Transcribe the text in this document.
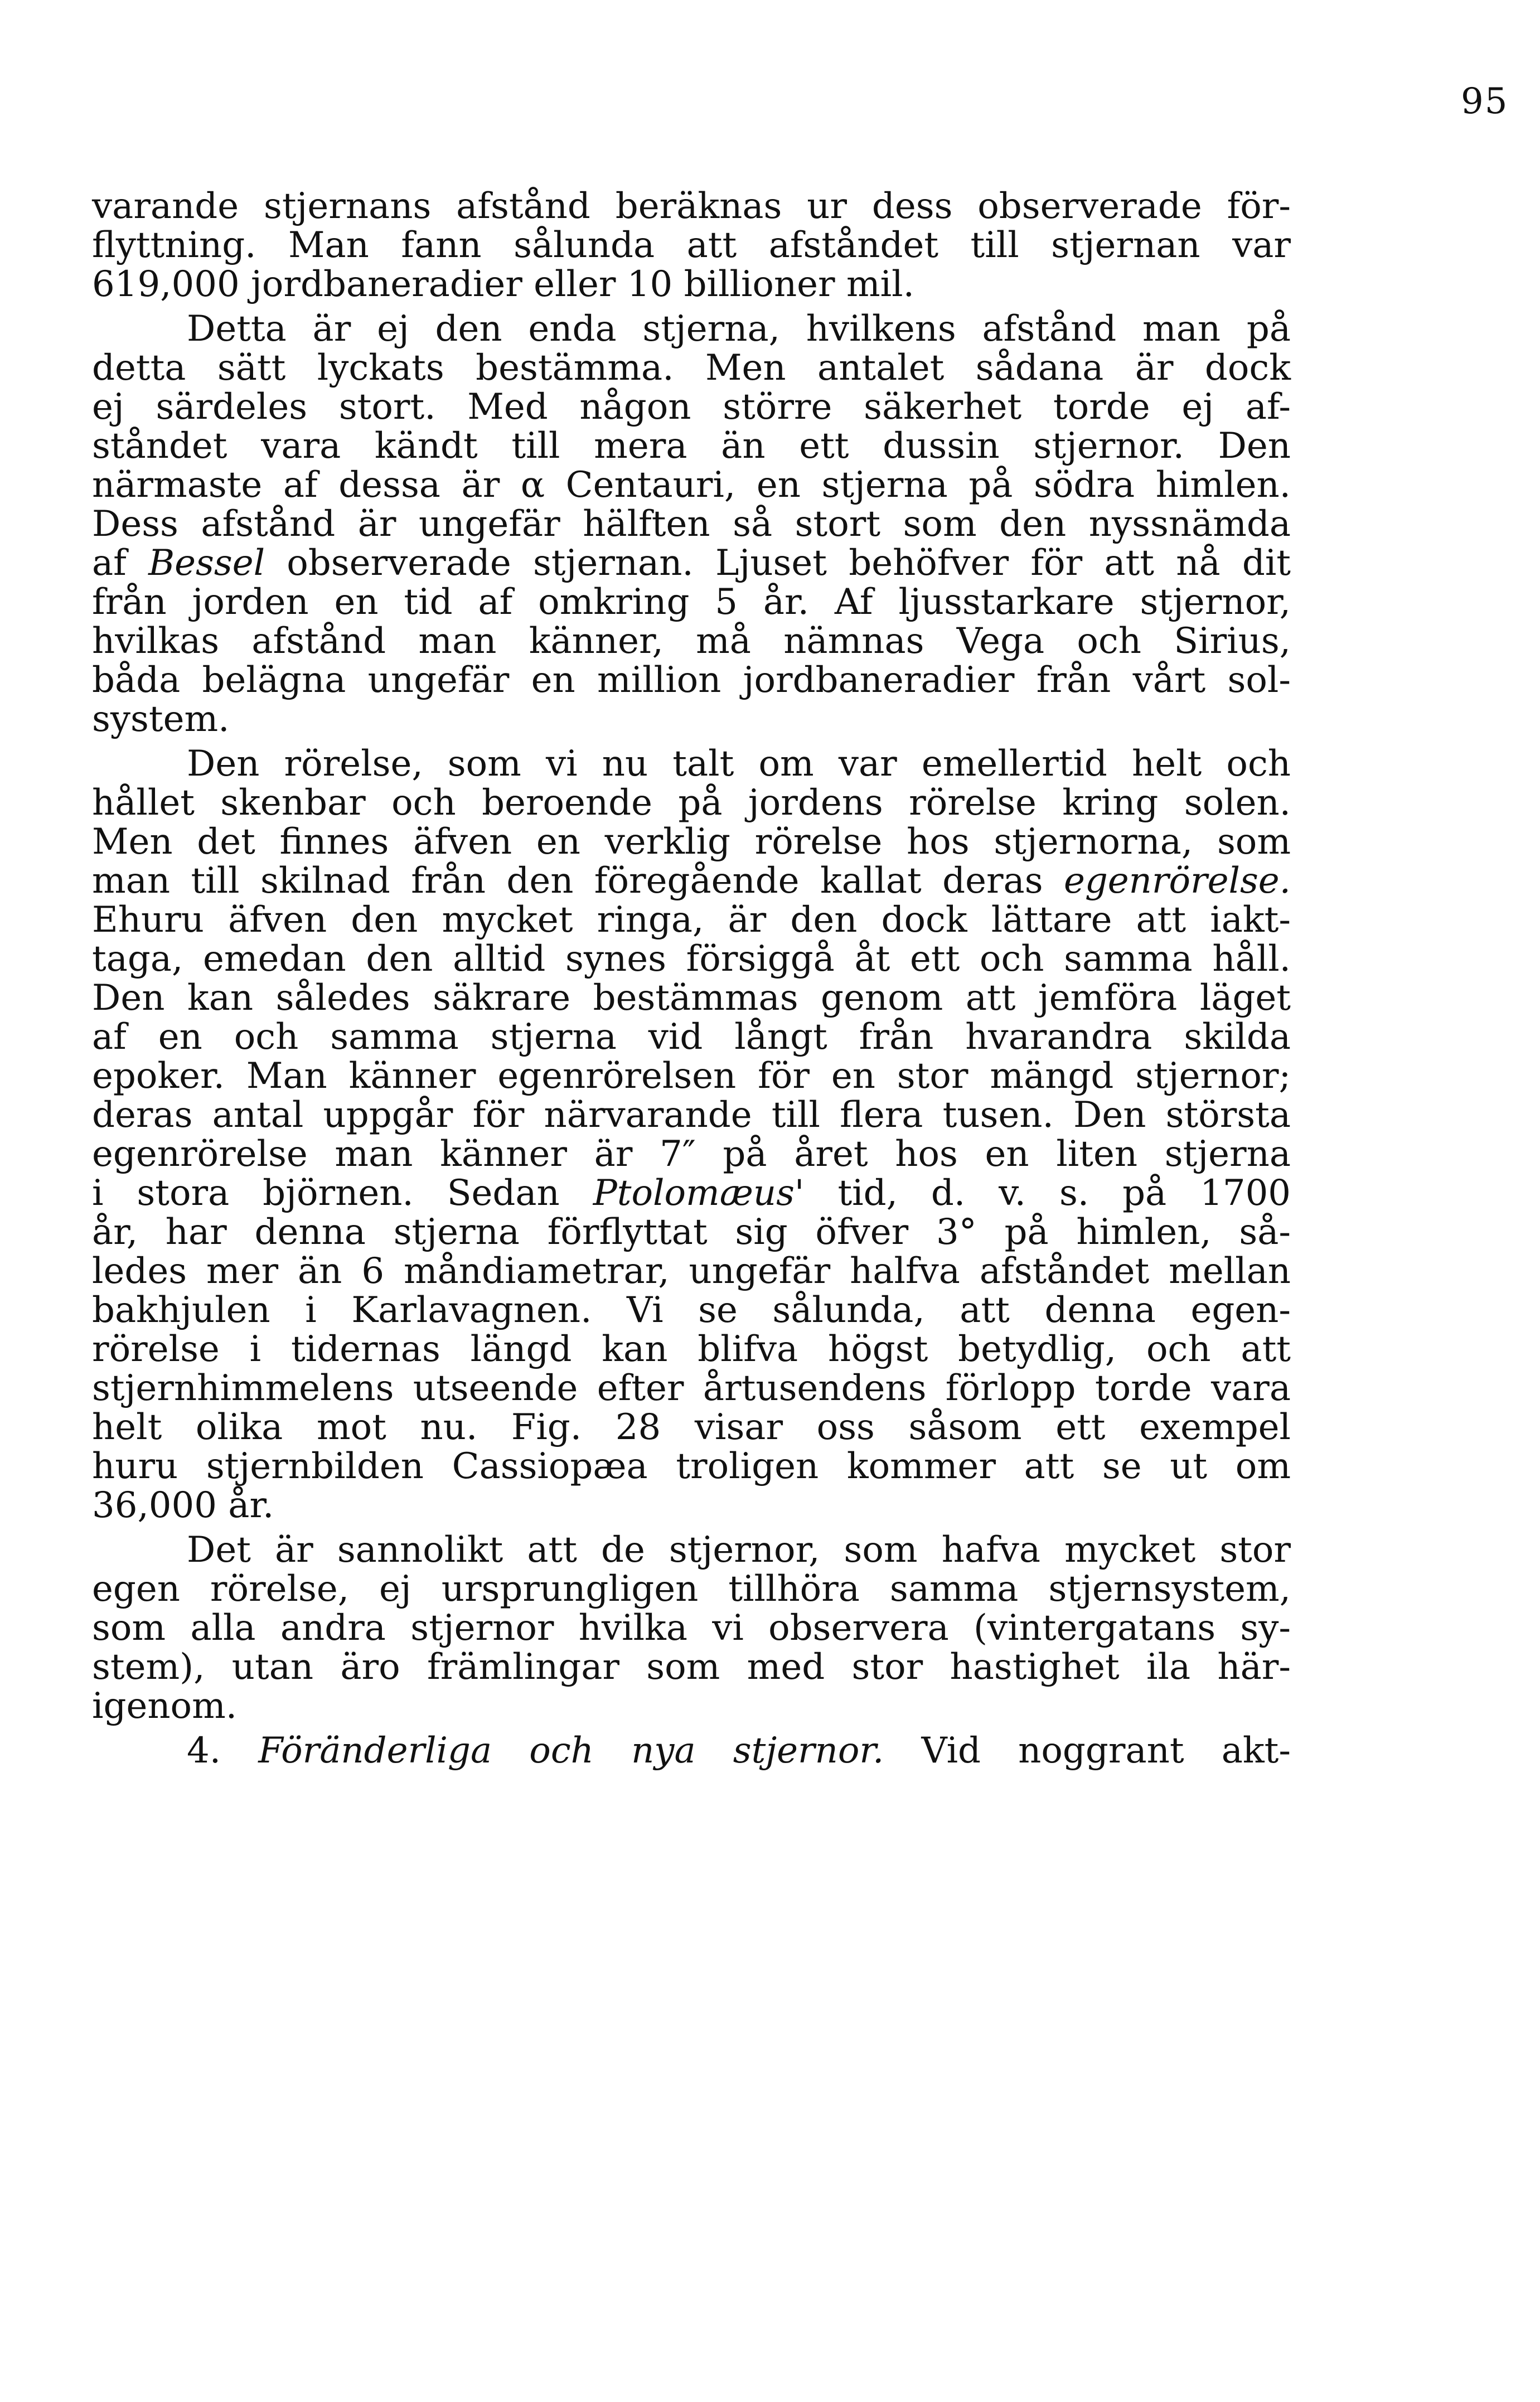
95
varande stjernans afstånd beräknas ur dess observerade för-
flyttning. Man fann sålunda att afståndet till stjernan var
619,000 jordbaneradier eller 10 billioner mil.
Detta är ej den enda stjerna, hvilkens afstånd man på
detta sätt lyckats bestämma. Men antalet sådana är dock
ej särdeles stort. Med någon större säkerhet torde ej af-
ståndet vara kändt till mera än ett dussin stjernor. Den
närmaste af dessa är α Centauri, en stjerna på södra himlen.
Dess afstånd är ungefär hälften så stort som den nyssnämda
af Bessel observerade stjernan. Ljuset behöfver för att nå dit
från jorden en tid af omkring 5 år. Af ljusstarkare stjernor,
hvilkas afstånd man känner, må nämnas Vega och Sirius,
båda belägna ungefär en million jordbaneradier från vårt sol-
system.
Den rörelse, som vi nu talt om var emellertid helt och
hållet skenbar och beroende på jordens rörelse kring solen.
Men det finnes äfven en verklig rörelse hos stjernorna, som
man till skilnad från den föregående kallat deras egenrörelse.
Ehuru äfven den mycket ringa, är den dock lättare att iakt-
taga, emedan den alltid synes försiggå åt ett och samma håll.
Den kan således säkrare bestämmas genom att jemföra läget
af en och samma stjerna vid långt från hvarandra skilda
epoker. Man känner egenrörelsen för en stor mängd stjernor;
deras antal uppgår för närvarande till flera tusen. Den största
egenrörelse man känner är 7″ på året hos en liten stjerna
i stora björnen. Sedan Ptolomæus' tid, d. v. s. på 1700
år, har denna stjerna förflyttat sig öfver 3° på himlen, så-
ledes mer än 6 måndiametrar, ungefär halfva afståndet mellan
bakhjulen i Karlavagnen. Vi se sålunda, att denna egen-
rörelse i tidernas längd kan blifva högst betydlig, och att
stjernhimmelens utseende efter årtusendens förlopp torde vara
helt olika mot nu. Fig. 28 visar oss såsom ett exempel
huru stjernbilden Cassiopæa troligen kommer att se ut om
36,000 år.
Det är sannolikt att de stjernor, som hafva mycket stor
egen rörelse, ej ursprungligen tillhöra samma stjernsystem,
som alla andra stjernor hvilka vi observera (vintergatans sy-
stem), utan äro främlingar som med stor hastighet ila här-
igenom.
4. Föränderliga och nya stjernor. Vid noggrant akt-
